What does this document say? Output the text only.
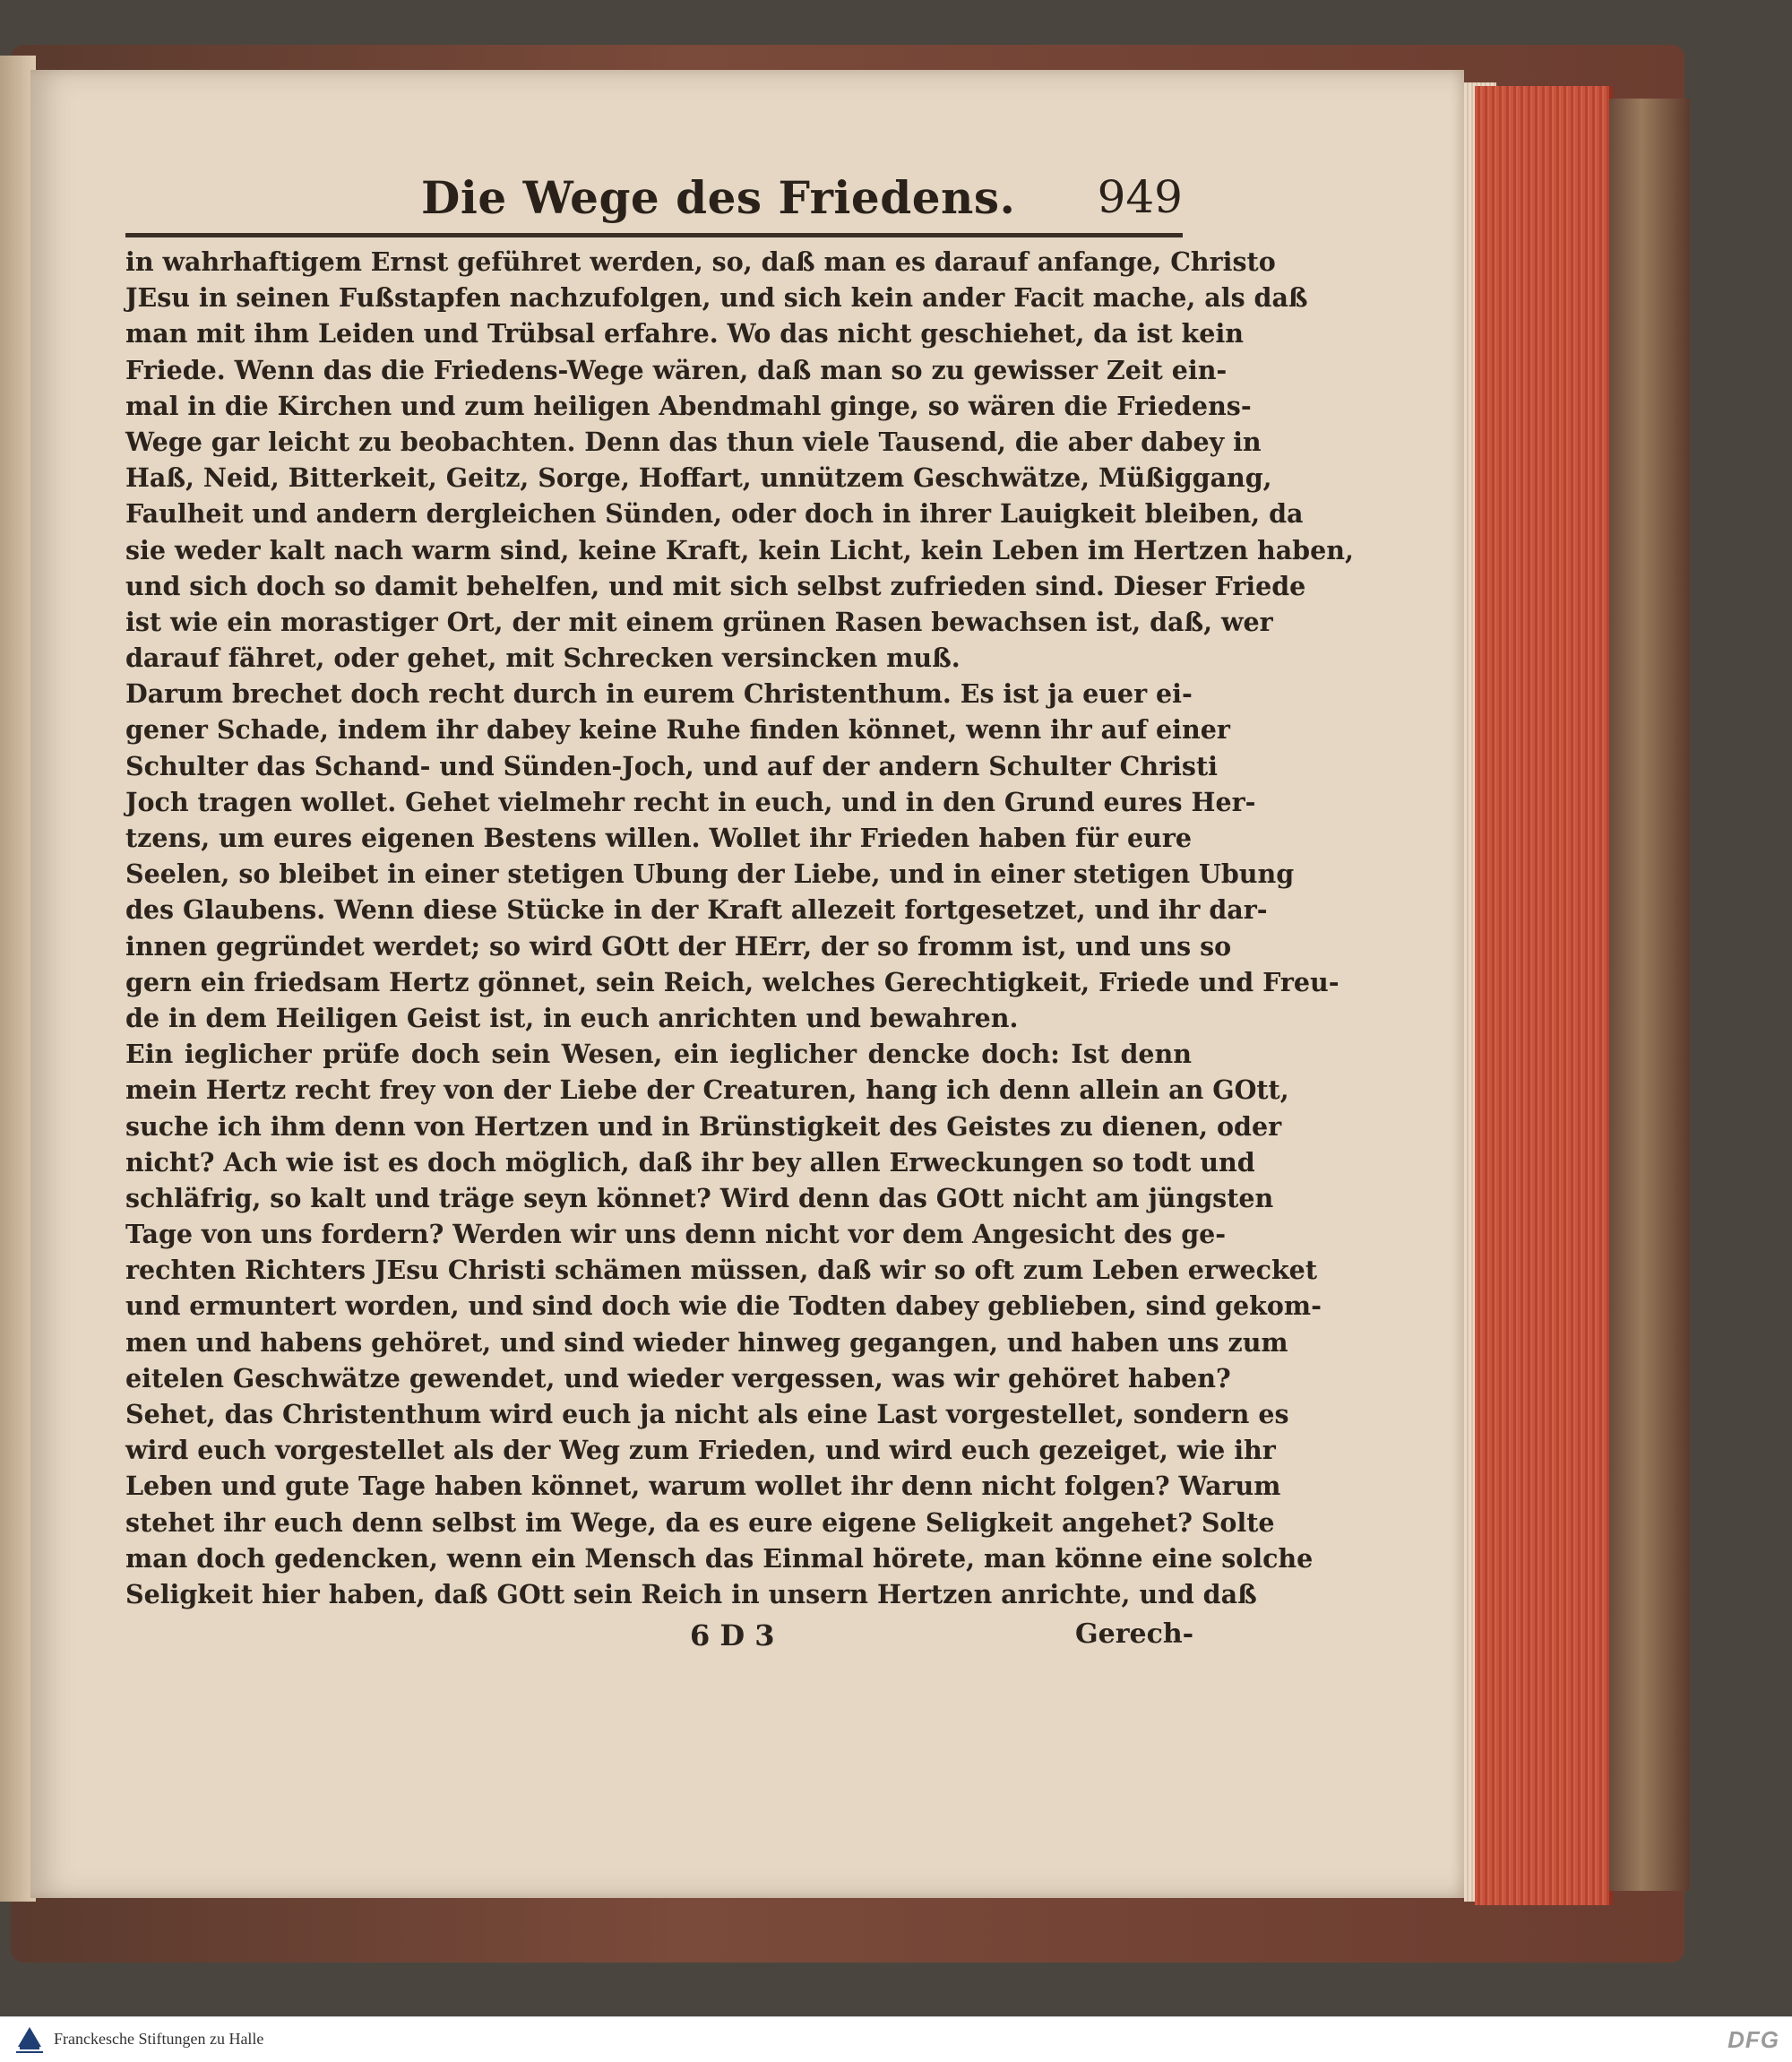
Die Wege des Friedens. 949
in wahrhaftigem Ernst geführet werden, so, daß man es darauf anfange, Christo
JEsu in seinen Fußstapfen nachzufolgen, und sich kein ander Facit mache, als daß
man mit ihm Leiden und Trübsal erfahre. Wo das nicht geschiehet, da ist kein
Friede. Wenn das die Friedens-Wege wären, daß man so zu gewisser Zeit ein-
mal in die Kirchen und zum heiligen Abendmahl ginge, so wären die Friedens-
Wege gar leicht zu beobachten. Denn das thun viele Tausend, die aber dabey in
Haß, Neid, Bitterkeit, Geitz, Sorge, Hoffart, unnützem Geschwätze, Müßiggang,
Faulheit und andern dergleichen Sünden, oder doch in ihrer Lauigkeit bleiben, da
sie weder kalt nach warm sind, keine Kraft, kein Licht, kein Leben im Hertzen haben,
und sich doch so damit behelfen, und mit sich selbst zufrieden sind. Dieser Friede
ist wie ein morastiger Ort, der mit einem grünen Rasen bewachsen ist, daß, wer
darauf fähret, oder gehet, mit Schrecken versincken muß.
Darum brechet doch recht durch in eurem Christenthum. Es ist ja euer ei-
gener Schade, indem ihr dabey keine Ruhe finden könnet, wenn ihr auf einer
Schulter das Schand- und Sünden-Joch, und auf der andern Schulter Christi
Joch tragen wollet. Gehet vielmehr recht in euch, und in den Grund eures Her-
tzens, um eures eigenen Bestens willen. Wollet ihr Frieden haben für eure
Seelen, so bleibet in einer stetigen Ubung der Liebe, und in einer stetigen Ubung
des Glaubens. Wenn diese Stücke in der Kraft allezeit fortgesetzet, und ihr dar-
innen gegründet werdet; so wird GOtt der HErr, der so fromm ist, und uns so
gern ein friedsam Hertz gönnet, sein Reich, welches Gerechtigkeit, Friede und Freu-
de in dem Heiligen Geist ist, in euch anrichten und bewahren.
Ein ieglicher prüfe doch sein Wesen, ein ieglicher dencke doch: Ist denn
mein Hertz recht frey von der Liebe der Creaturen, hang ich denn allein an GOtt,
suche ich ihm denn von Hertzen und in Brünstigkeit des Geistes zu dienen, oder
nicht? Ach wie ist es doch möglich, daß ihr bey allen Erweckungen so todt und
schläfrig, so kalt und träge seyn könnet? Wird denn das GOtt nicht am jüngsten
Tage von uns fordern? Werden wir uns denn nicht vor dem Angesicht des ge-
rechten Richters JEsu Christi schämen müssen, daß wir so oft zum Leben erwecket
und ermuntert worden, und sind doch wie die Todten dabey geblieben, sind gekom-
men und habens gehöret, und sind wieder hinweg gegangen, und haben uns zum
eitelen Geschwätze gewendet, und wieder vergessen, was wir gehöret haben?
Sehet, das Christenthum wird euch ja nicht als eine Last vorgestellet, sondern es
wird euch vorgestellet als der Weg zum Frieden, und wird euch gezeiget, wie ihr
Leben und gute Tage haben könnet, warum wollet ihr denn nicht folgen? Warum
stehet ihr euch denn selbst im Wege, da es eure eigene Seligkeit angehet? Solte
man doch gedencken, wenn ein Mensch das Einmal hörete, man könne eine solche
Seligkeit hier haben, daß GOtt sein Reich in unsern Hertzen anrichte, und daß
6 D 3	Gerech-
Franckesche Stiftungen zu Halle	DFG
